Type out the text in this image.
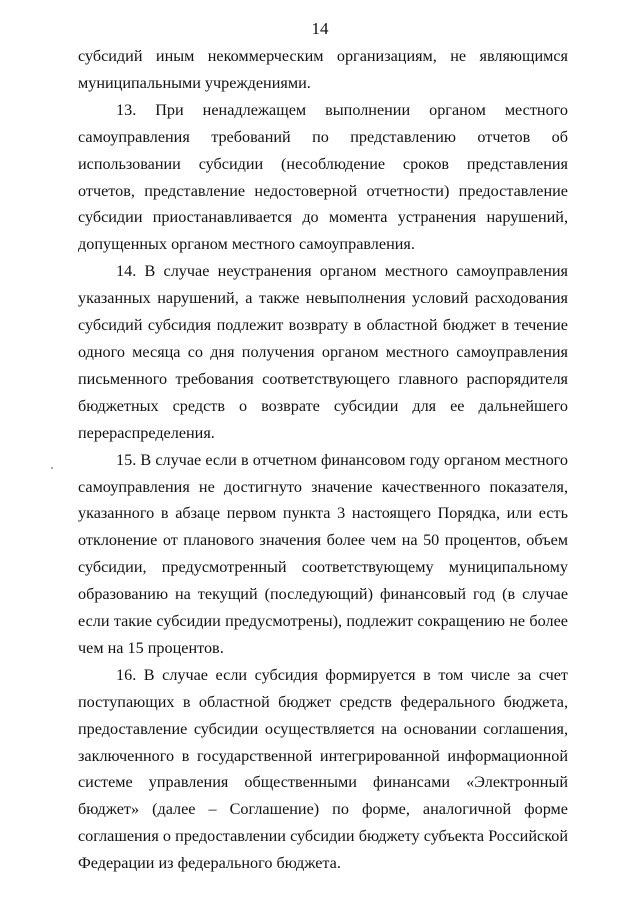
14

субсидий иным некоммерческим организациям, не являющимся муниципальными учреждениями.

13. При ненадлежащем выполнении органом местного самоуправления требований по представлению отчетов об использовании субсидии (несоблюдение сроков представления отчетов, представление недостоверной отчетности) предоставление субсидии приостанавливается до момента устранения нарушений, допущенных органом местного самоуправления.

14. В случае неустранения органом местного самоуправления указанных нарушений, а также невыполнения условий расходования субсидий субсидия подлежит возврату в областной бюджет в течение одного месяца со дня получения органом местного самоуправления письменного требования соответствующего главного распорядителя бюджетных средств о возврате субсидии для ее дальнейшего перераспределения.

15. В случае если в отчетном финансовом году органом местного самоуправления не достигнуто значение качественного показателя, указанного в абзаце первом пункта 3 настоящего Порядка, или есть отклонение от планового значения более чем на 50 процентов, объем субсидии, предусмотренный соответствующему муниципальному образованию на текущий (последующий) финансовый год (в случае если такие субсидии предусмотрены), подлежит сокращению не более чем на 15 процентов.

16. В случае если субсидия формируется в том числе за счет поступающих в областной бюджет средств федерального бюджета, предоставление субсидии осуществляется на основании соглашения, заключенного в государственной интегрированной информационной системе управления общественными финансами «Электронный бюджет» (далее – Соглашение) по форме, аналогичной форме соглашения о предоставлении субсидии бюджету субъекта Российской Федерации из федерального бюджета.
